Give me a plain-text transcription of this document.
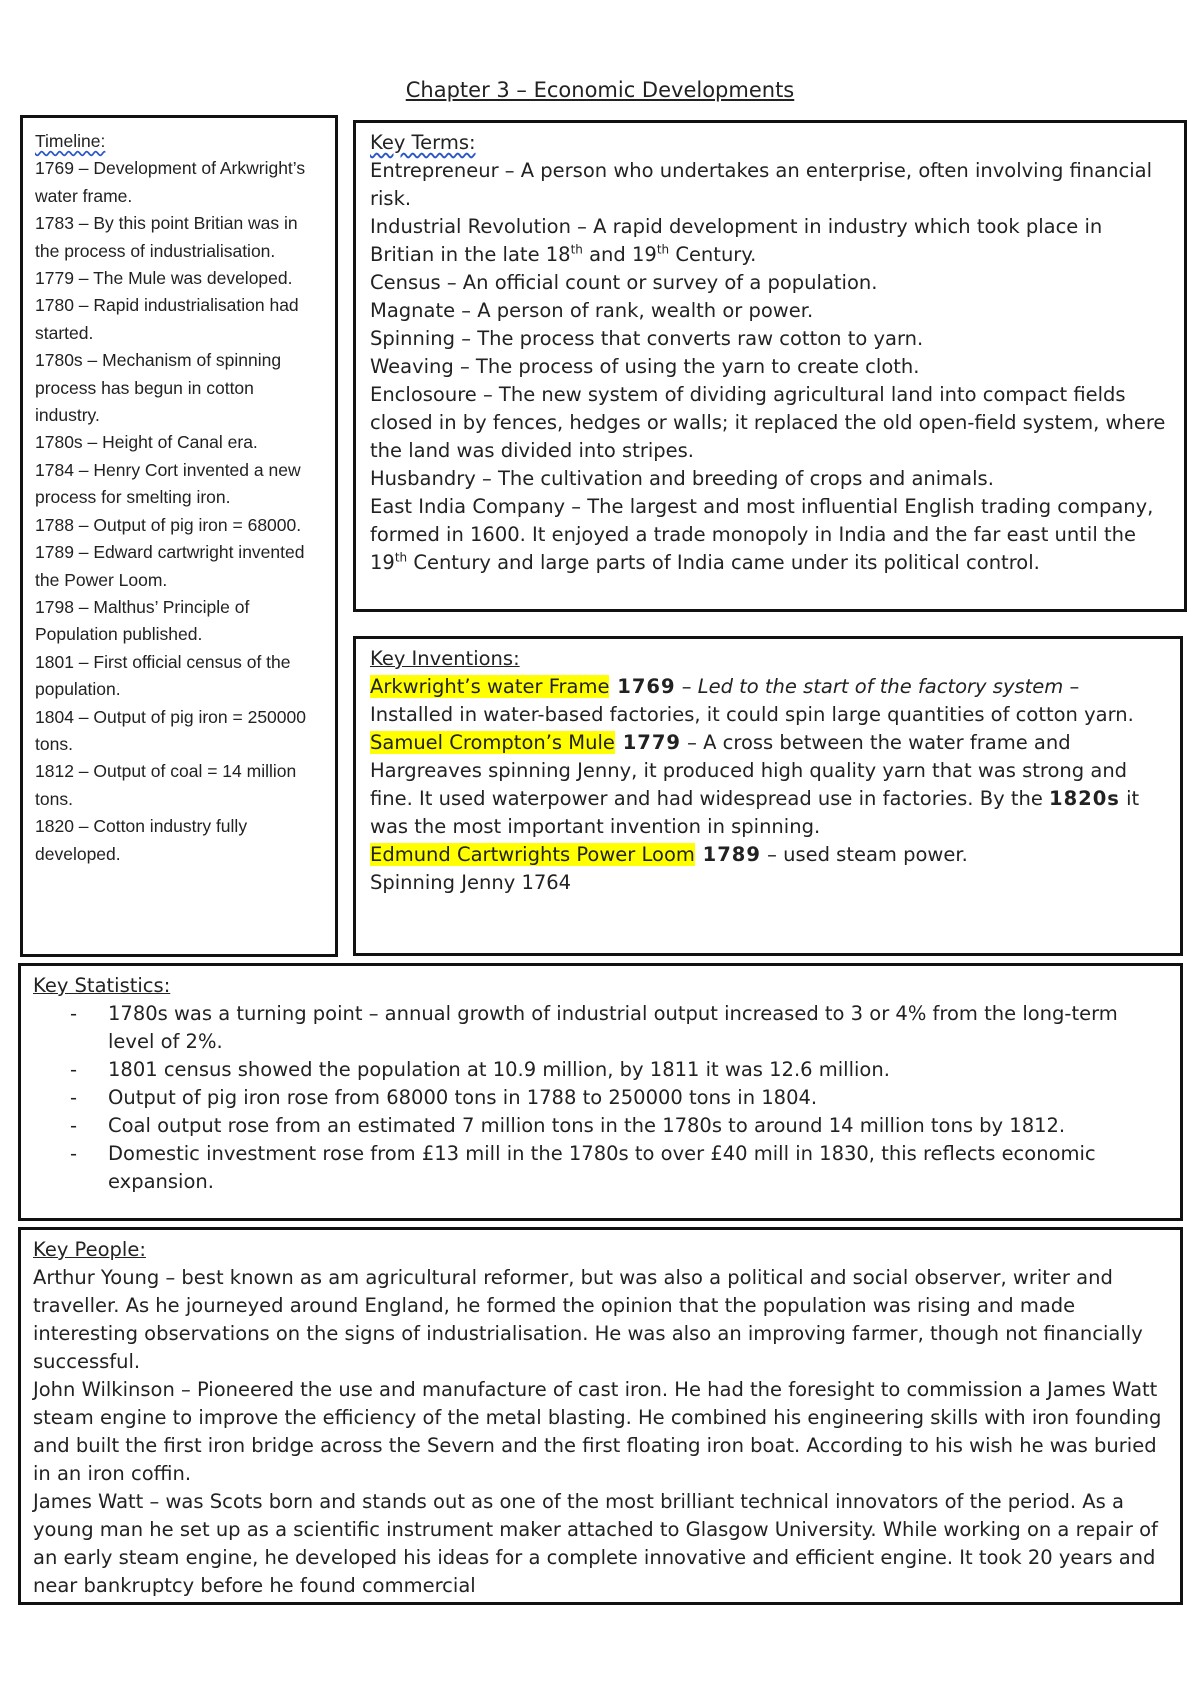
Chapter 3 – Economic Developments

Timeline:

1769 – Development of Arkwright’s water frame.

1783 – By this point Britian was in the process of industrialisation.

1779 – The Mule was developed.

1780 – Rapid industrialisation had started.

1780s – Mechanism of spinning process has begun in cotton industry.

1780s – Height of Canal era.

1784 – Henry Cort invented a new process for smelting iron.

1788 – Output of pig iron = 68000.

1789 – Edward cartwright invented the Power Loom.

1798 – Malthus’ Principle of Population published.

1801 – First official census of the population.

1804 – Output of pig iron = 250000 tons.

1812 – Output of coal = 14 million tons.

1820 – Cotton industry fully developed.

Key Terms:

Entrepreneur – A person who undertakes an enterprise, often involving financial risk.

Industrial Revolution – A rapid development in industry which took place in Britian in the late 18th and 19th Century.

Census – An official count or survey of a population.

Magnate – A person of rank, wealth or power.

Spinning – The process that converts raw cotton to yarn.

Weaving – The process of using the yarn to create cloth.

Enclosoure – The new system of dividing agricultural land into compact fields closed in by fences, hedges or walls; it replaced the old open-field system, where the land was divided into stripes.

Husbandry – The cultivation and breeding of crops and animals.

East India Company – The largest and most influential English trading company, formed in 1600. It enjoyed a trade monopoly in India and the far east until the 19th Century and large parts of India came under its political control.

Key Inventions:

Arkwright’s water Frame 1769 – Led to the start of the factory system – Installed in water-based factories, it could spin large quantities of cotton yarn.

Samuel Crompton’s Mule 1779 – A cross between the water frame and Hargreaves spinning Jenny, it produced high quality yarn that was strong and fine. It used waterpower and had widespread use in factories. By the 1820s it was the most important invention in spinning.

Edmund Cartwrights Power Loom 1789 – used steam power.

Spinning Jenny 1764

Key Statistics:
- 1780s was a turning point – annual growth of industrial output increased to 3 or 4% from the long-term level of 2%.
- 1801 census showed the population at 10.9 million, by 1811 it was 12.6 million.
- Output of pig iron rose from 68000 tons in 1788 to 250000 tons in 1804.
- Coal output rose from an estimated 7 million tons in the 1780s to around 14 million tons by 1812.
- Domestic investment rose from £13 mill in the 1780s to over £40 mill in 1830, this reflects economic expansion.

Key People:

Arthur Young – best known as am agricultural reformer, but was also a political and social observer, writer and traveller. As he journeyed around England, he formed the opinion that the population was rising and made interesting observations on the signs of industrialisation. He was also an improving farmer, though not financially successful.

John Wilkinson – Pioneered the use and manufacture of cast iron. He had the foresight to commission a James Watt steam engine to improve the efficiency of the metal blasting. He combined his engineering skills with iron founding and built the first iron bridge across the Severn and the first floating iron boat. According to his wish he was buried in an iron coffin.

James Watt – was Scots born and stands out as one of the most brilliant technical innovators of the period. As a young man he set up as a scientific instrument maker attached to Glasgow University. While working on a repair of an early steam engine, he developed his ideas for a complete innovative and efficient engine. It took 20 years and near bankruptcy before he found commercial
